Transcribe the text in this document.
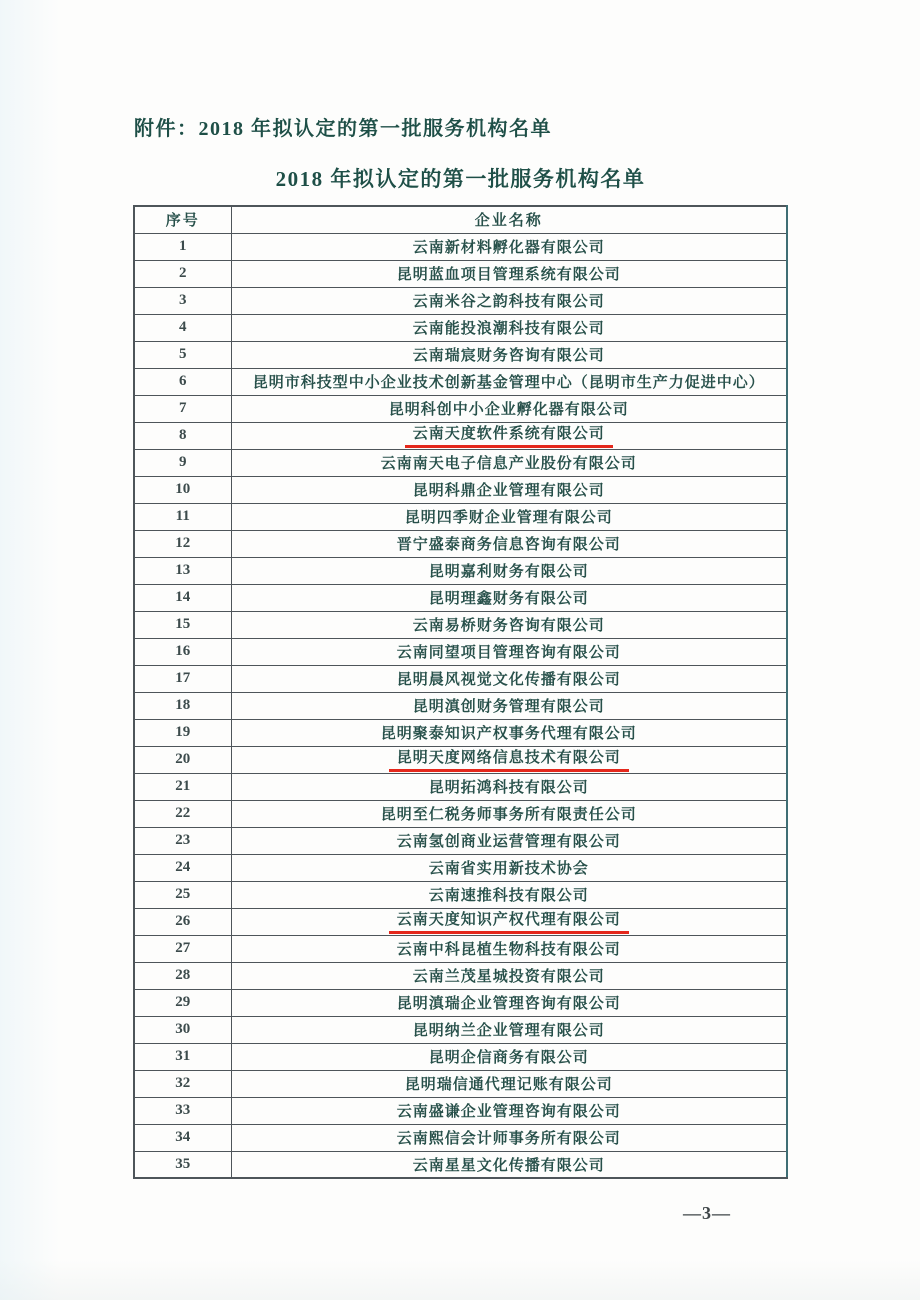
附件：2018 年拟认定的第一批服务机构名单
2018 年拟认定的第一批服务机构名单
序号	企业名称
1	云南新材料孵化器有限公司
2	昆明蓝血项目管理系统有限公司
3	云南米谷之韵科技有限公司
4	云南能投浪潮科技有限公司
5	云南瑞宸财务咨询有限公司
6	昆明市科技型中小企业技术创新基金管理中心（昆明市生产力促进中心）
7	昆明科创中小企业孵化器有限公司
8	云南天度软件系统有限公司
9	云南南天电子信息产业股份有限公司
10	昆明科鼎企业管理有限公司
11	昆明四季财企业管理有限公司
12	晋宁盛泰商务信息咨询有限公司
13	昆明嘉利财务有限公司
14	昆明理鑫财务有限公司
15	云南易桥财务咨询有限公司
16	云南同望项目管理咨询有限公司
17	昆明晨风视觉文化传播有限公司
18	昆明滇创财务管理有限公司
19	昆明聚泰知识产权事务代理有限公司
20	昆明天度网络信息技术有限公司
21	昆明拓鸿科技有限公司
22	昆明至仁税务师事务所有限责任公司
23	云南氢创商业运营管理有限公司
24	云南省实用新技术协会
25	云南速推科技有限公司
26	云南天度知识产权代理有限公司
27	云南中科昆植生物科技有限公司
28	云南兰茂星城投资有限公司
29	昆明滇瑞企业管理咨询有限公司
30	昆明纳兰企业管理有限公司
31	昆明企信商务有限公司
32	昆明瑞信通代理记账有限公司
33	云南盛谦企业管理咨询有限公司
34	云南熙信会计师事务所有限公司
35	云南星星文化传播有限公司
—3—
